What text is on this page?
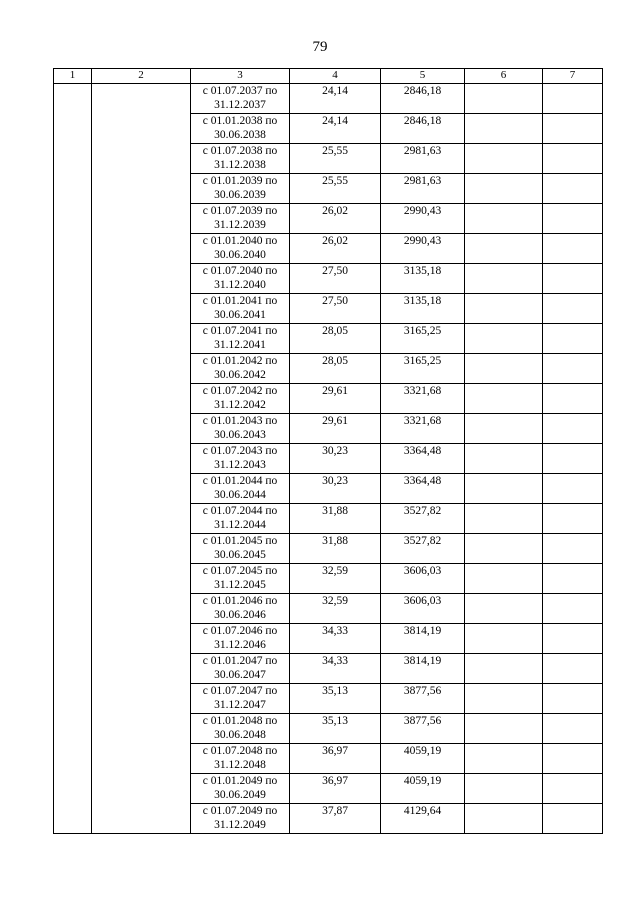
79
1	2	3	4	5	6	7

		с 01.07.2037 по
31.12.2037	24,14	2846,18		

		с 01.01.2038 по
30.06.2038	24,14	2846,18		

		с 01.07.2038 по
31.12.2038	25,55	2981,63		

		с 01.01.2039 по
30.06.2039	25,55	2981,63		

		с 01.07.2039 по
31.12.2039	26,02	2990,43		

		с 01.01.2040 по
30.06.2040	26,02	2990,43		

		с 01.07.2040 по
31.12.2040	27,50	3135,18		

		с 01.01.2041 по
30.06.2041	27,50	3135,18		

		с 01.07.2041 по
31.12.2041	28,05	3165,25		

		с 01.01.2042 по
30.06.2042	28,05	3165,25		

		с 01.07.2042 по
31.12.2042	29,61	3321,68		

		с 01.01.2043 по
30.06.2043	29,61	3321,68		

		с 01.07.2043 по
31.12.2043	30,23	3364,48		

		с 01.01.2044 по
30.06.2044	30,23	3364,48		

		с 01.07.2044 по
31.12.2044	31,88	3527,82		

		с 01.01.2045 по
30.06.2045	31,88	3527,82		

		с 01.07.2045 по
31.12.2045	32,59	3606,03		

		с 01.01.2046 по
30.06.2046	32,59	3606,03		

		с 01.07.2046 по
31.12.2046	34,33	3814,19		

		с 01.01.2047 по
30.06.2047	34,33	3814,19		

		с 01.07.2047 по
31.12.2047	35,13	3877,56		

		с 01.01.2048 по
30.06.2048	35,13	3877,56		

		с 01.07.2048 по
31.12.2048	36,97	4059,19		

		с 01.01.2049 по
30.06.2049	36,97	4059,19		

		с 01.07.2049 по
31.12.2049	37,87	4129,64		
